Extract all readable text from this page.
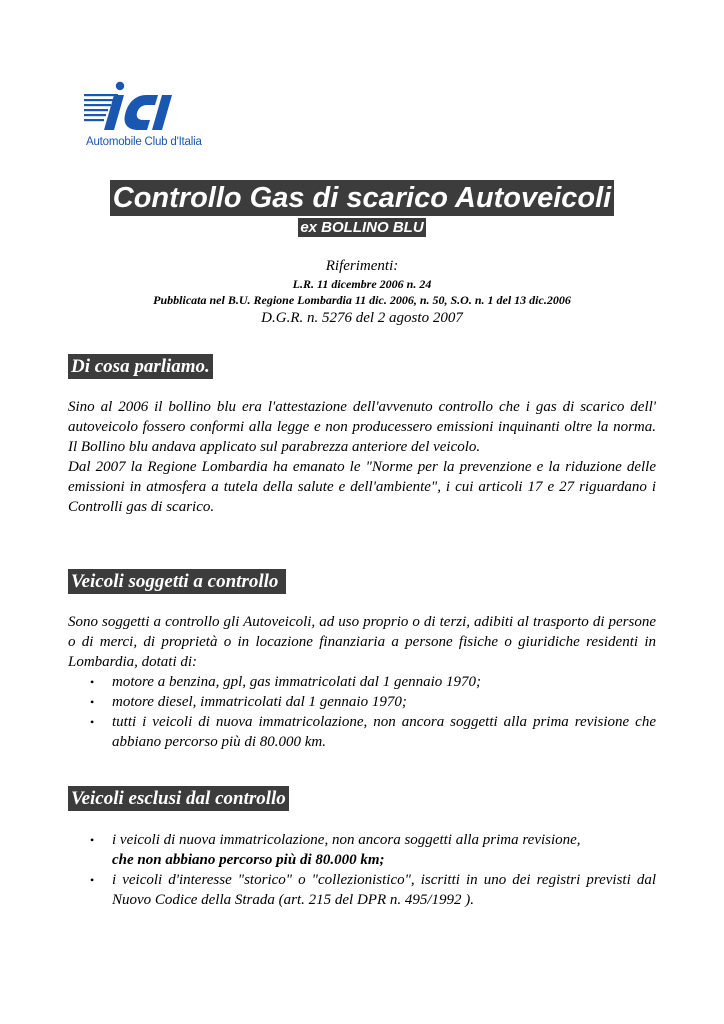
Automobile Club d'Italia
Controllo Gas di scarico Autoveicoli
ex BOLLINO BLU
Riferimenti:
L.R. 11 dicembre 2006 n. 24
Pubblicata nel B.U. Regione Lombardia 11 dic. 2006, n. 50, S.O. n. 1 del 13 dic.2006
D.G.R. n. 5276 del 2 agosto 2007
Di cosa parliamo.

Sino al 2006 il bollino blu era l'attestazione dell'avvenuto controllo che i gas di scarico dell' autoveicolo fossero conformi alla legge e non producessero emissioni inquinanti oltre la norma. Il Bollino blu andava applicato sul parabrezza anteriore del veicolo.

Dal 2007 la Regione Lombardia ha emanato le "Norme per la prevenzione e la riduzione delle emissioni in atmosfera a tutela della salute e dell'ambiente", i cui articoli 17 e 27 riguardano i Controlli gas di scarico.

Veicoli soggetti a controllo

Sono soggetti a controllo gli Autoveicoli, ad uso proprio o di terzi, adibiti al trasporto di persone o di merci, di proprietà o in locazione finanziaria a persone fisiche o giuridiche residenti in Lombardia, dotati di:

• motore a benzina, gpl, gas immatricolati dal 1 gennaio 1970;
• motore diesel, immatricolati dal 1 gennaio 1970;
• tutti i veicoli di nuova immatricolazione, non ancora soggetti alla prima revisione che abbiano percorso più di 80.000 km.
Veicoli esclusi dal controllo
• i veicoli di nuova immatricolazione, non ancora soggetti alla prima revisione,
che non abbiano percorso più di 80.000 km;
• i veicoli d'interesse "storico" o "collezionistico", iscritti in uno dei registri previsti dal Nuovo Codice della Strada (art. 215 del DPR n. 495/1992 ).
